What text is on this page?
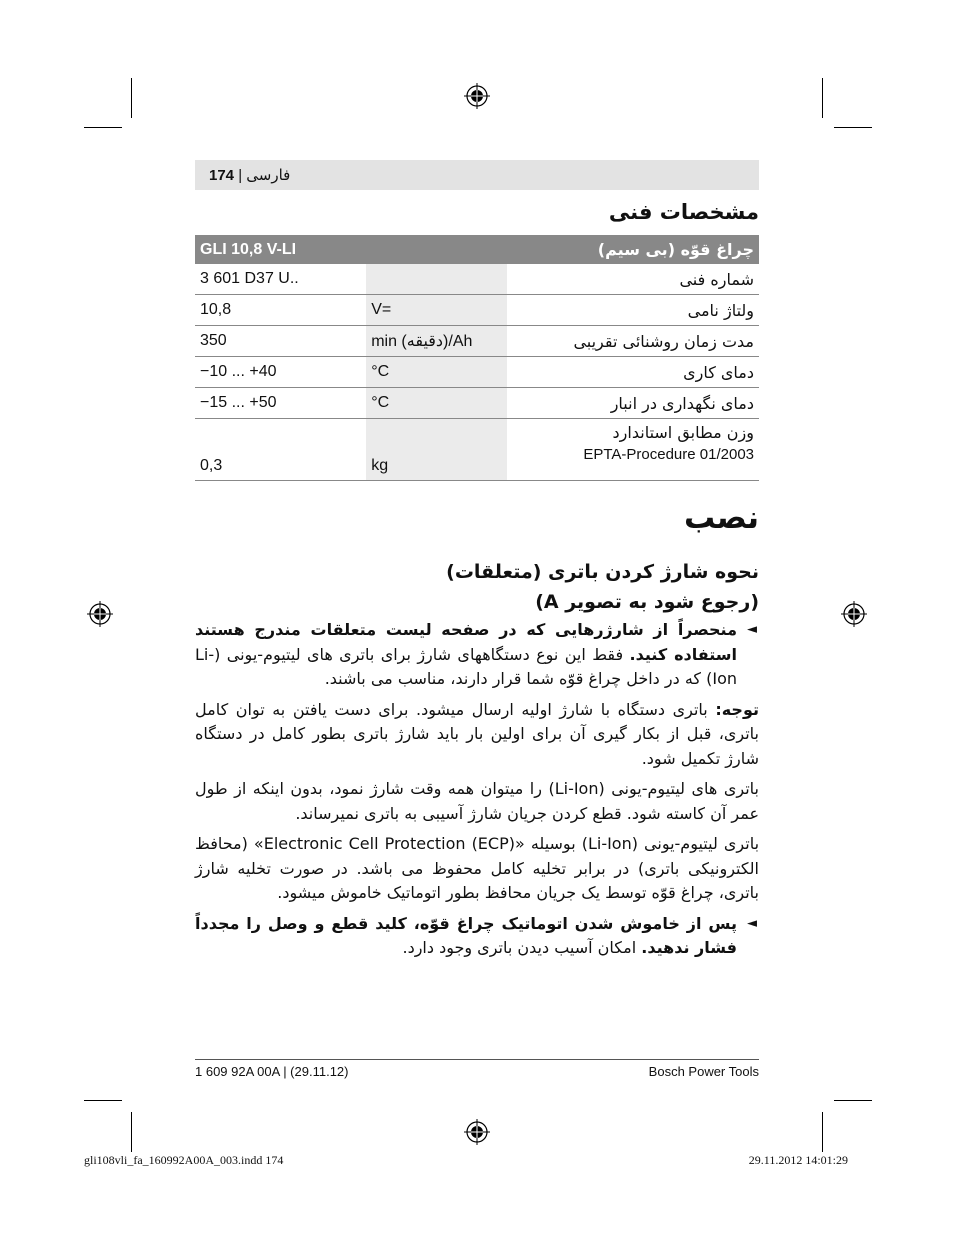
174 | فارسی
مشخصات فنی
GLI 10,8 V-LI		چراغ قوّه (بی سیم)
3 601 D37 U..		شماره فنی
10,8	V=	ولتاژ نامی
350	min (دقیقه)/Ah	مدت زمان روشنائی تقریبی
−10 ... +40	°C	دمای کاری
−15 ... +50	°C	دمای نگهداری در انبار
0,3	kg	وزن مطابق استاندارد
EPTA-Procedure 01/2003
نصب
نحوه شارژ کردن باتری (متعلقات)
(رجوع شود به تصویر A)
◄
منحصراً از شارژرهایی که در صفحه لیست متعلقات مندرج هستند استفاده کنید. فقط این نوع دستگاههای شارژ برای باتری های لیتیوم-یونی (Li-Ion) که در داخل چراغ قوّه شما قرار دارند، مناسب می باشند.
توجه: باتری دستگاه با شارژ اولیه ارسال میشود. برای دست یافتن به توان کامل باتری، قبل از بکار گیری آن برای اولین بار باید شارژ باتری بطور کامل در دستگاه شارژ تکمیل شود.
باتری های لیتیوم-یونی (Li-Ion) را میتوان همه وقت شارژ نمود، بدون اینکه از طول عمر آن کاسته شود. قطع کردن جریان شارژ آسیبی به باتری نمیرساند.
باتری لیتیوم-یونی (Li-Ion) بوسیله «Electronic Cell Protection (ECP)» (محافظ الکترونیکی باتری) در برابر تخلیه کامل محفوظ می باشد. در صورت تخلیه شارژ باتری، چراغ قوّه توسط یک جریان محافظ بطور اتوماتیک خاموش میشود.
◄
پس از خاموش شدن اتوماتیک چراغ قوّه، کلید قطع و وصل را مجدداً فشار ندهید. امکان آسیب دیدن باتری وجود دارد.
1 609 92A 00A | (29.11.12)	Bosch Power Tools
gli108vli_fa_160992A00A_003.indd 174	29.11.2012 14:01:29
